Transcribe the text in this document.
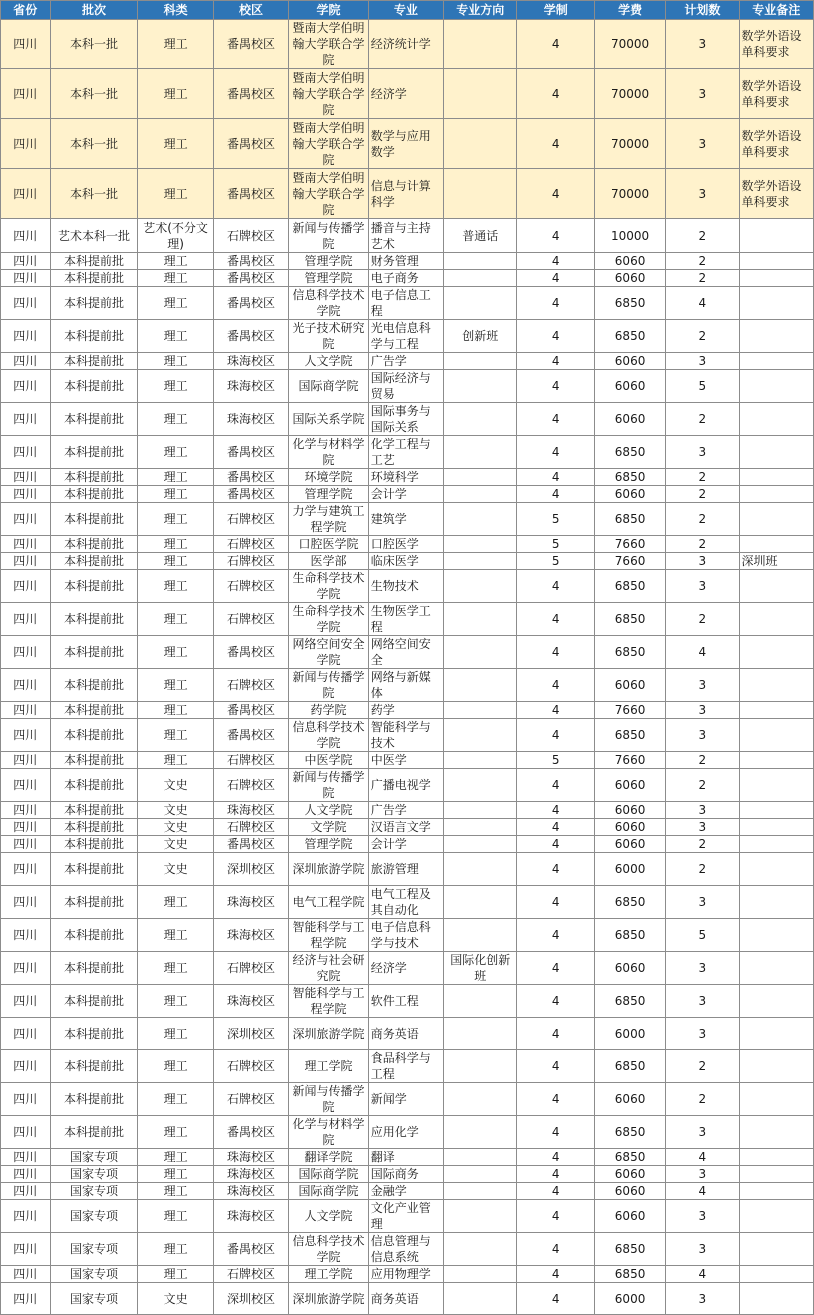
省份	批次	科类	校区	学院	专业	专业方向	学制	学费	计划数	专业备注
四川	本科一批	理工	番禺校区	暨南大学伯明翰大学联合学院	经济统计学		4	70000	3	数学外语设单科要求
四川	本科一批	理工	番禺校区	暨南大学伯明翰大学联合学院	经济学		4	70000	3	数学外语设单科要求
四川	本科一批	理工	番禺校区	暨南大学伯明翰大学联合学院	数学与应用数学		4	70000	3	数学外语设单科要求
四川	本科一批	理工	番禺校区	暨南大学伯明翰大学联合学院	信息与计算科学		4	70000	3	数学外语设单科要求
四川	艺术本科一批	艺术(不分文理)	石牌校区	新闻与传播学院	播音与主持艺术	普通话	4	10000	2	
四川	本科提前批	理工	番禺校区	管理学院	财务管理		4	6060	2	
四川	本科提前批	理工	番禺校区	管理学院	电子商务		4	6060	2	
四川	本科提前批	理工	番禺校区	信息科学技术学院	电子信息工程		4	6850	4	
四川	本科提前批	理工	番禺校区	光子技术研究院	光电信息科学与工程	创新班	4	6850	2	
四川	本科提前批	理工	珠海校区	人文学院	广告学		4	6060	3	
四川	本科提前批	理工	珠海校区	国际商学院	国际经济与贸易		4	6060	5	
四川	本科提前批	理工	珠海校区	国际关系学院	国际事务与国际关系		4	6060	2	
四川	本科提前批	理工	番禺校区	化学与材料学院	化学工程与工艺		4	6850	3	
四川	本科提前批	理工	番禺校区	环境学院	环境科学		4	6850	2	
四川	本科提前批	理工	番禺校区	管理学院	会计学		4	6060	2	
四川	本科提前批	理工	石牌校区	力学与建筑工程学院	建筑学		5	6850	2	
四川	本科提前批	理工	石牌校区	口腔医学院	口腔医学		5	7660	2	
四川	本科提前批	理工	石牌校区	医学部	临床医学		5	7660	3	深圳班
四川	本科提前批	理工	石牌校区	生命科学技术学院	生物技术		4	6850	3	
四川	本科提前批	理工	石牌校区	生命科学技术学院	生物医学工程		4	6850	2	
四川	本科提前批	理工	番禺校区	网络空间安全学院	网络空间安全		4	6850	4	
四川	本科提前批	理工	石牌校区	新闻与传播学院	网络与新媒体		4	6060	3	
四川	本科提前批	理工	番禺校区	药学院	药学		4	7660	3	
四川	本科提前批	理工	番禺校区	信息科学技术学院	智能科学与技术		4	6850	3	
四川	本科提前批	理工	石牌校区	中医学院	中医学		5	7660	2	
四川	本科提前批	文史	石牌校区	新闻与传播学院	广播电视学		4	6060	2	
四川	本科提前批	文史	珠海校区	人文学院	广告学		4	6060	3	
四川	本科提前批	文史	石牌校区	文学院	汉语言文学		4	6060	3	
四川	本科提前批	文史	番禺校区	管理学院	会计学		4	6060	2	
四川	本科提前批	文史	深圳校区	深圳旅游学院	旅游管理		4	6000	2	
四川	本科提前批	理工	珠海校区	电气工程学院	电气工程及其自动化		4	6850	3	
四川	本科提前批	理工	珠海校区	智能科学与工程学院	电子信息科学与技术		4	6850	5	
四川	本科提前批	理工	石牌校区	经济与社会研究院	经济学	国际化创新班	4	6060	3	
四川	本科提前批	理工	珠海校区	智能科学与工程学院	软件工程		4	6850	3	
四川	本科提前批	理工	深圳校区	深圳旅游学院	商务英语		4	6000	3	
四川	本科提前批	理工	石牌校区	理工学院	食品科学与工程		4	6850	2	
四川	本科提前批	理工	石牌校区	新闻与传播学院	新闻学		4	6060	2	
四川	本科提前批	理工	番禺校区	化学与材料学院	应用化学		4	6850	3	
四川	国家专项	理工	珠海校区	翻译学院	翻译		4	6850	4	
四川	国家专项	理工	珠海校区	国际商学院	国际商务		4	6060	3	
四川	国家专项	理工	珠海校区	国际商学院	金融学		4	6060	4	
四川	国家专项	理工	珠海校区	人文学院	文化产业管理		4	6060	3	
四川	国家专项	理工	番禺校区	信息科学技术学院	信息管理与信息系统		4	6850	3	
四川	国家专项	理工	石牌校区	理工学院	应用物理学		4	6850	4	
四川	国家专项	文史	深圳校区	深圳旅游学院	商务英语		4	6000	3	
